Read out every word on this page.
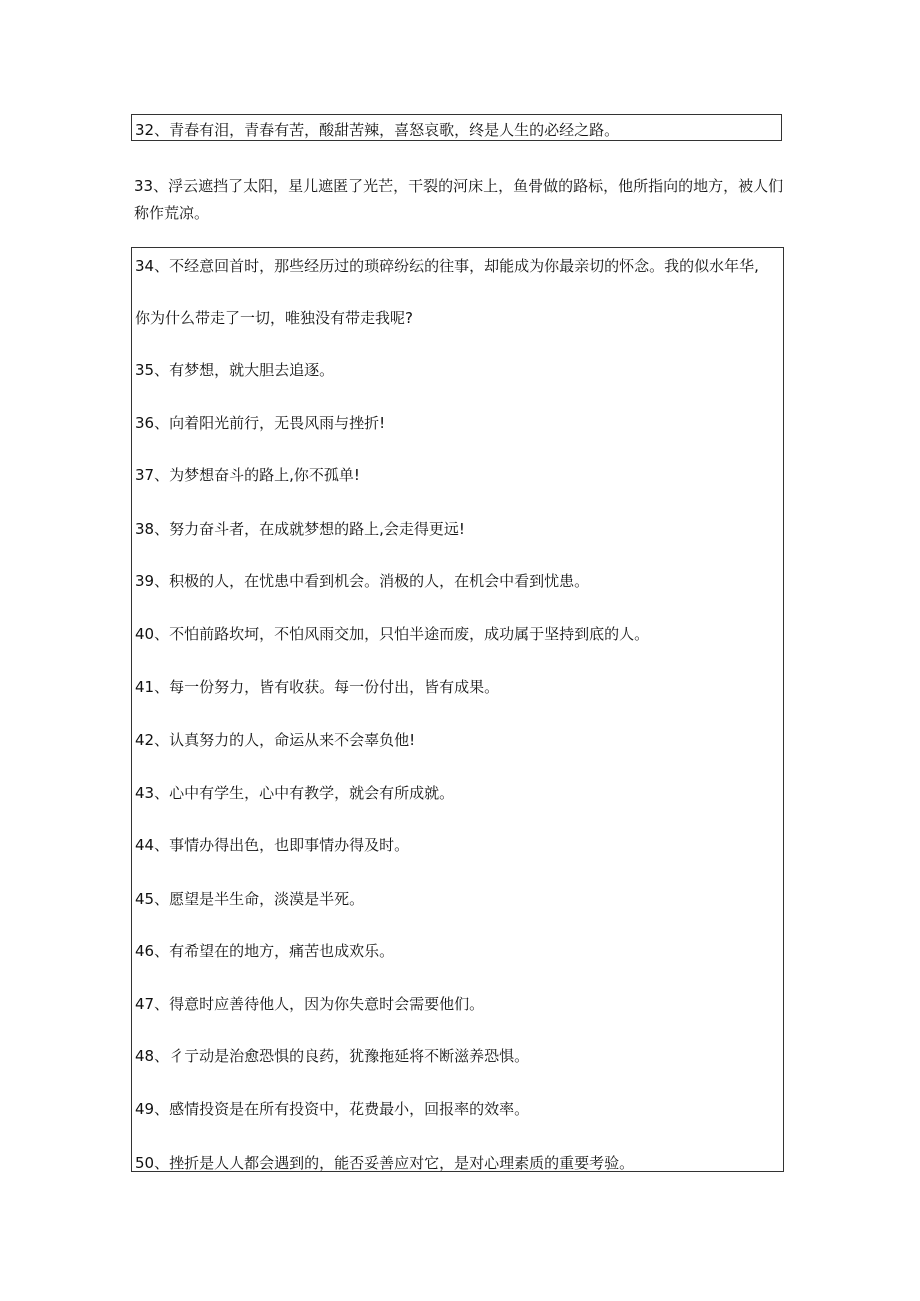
32、青春有泪，青春有苦，酸甜苦辣，喜怒哀歌，终是人生的必经之路。
33、浮云遮挡了太阳，星儿遮匿了光芒，干裂的河床上，鱼骨做的路标，他所指向的地方，被人们称作荒凉。
34、不经意回首时，那些经历过的琐碎纷纭的往事，却能成为你最亲切的怀念。我的似水年华,
你为什么带走了一切，唯独没有带走我呢?
35、有梦想，就大胆去追逐。
36、向着阳光前行，无畏风雨与挫折!
37、为梦想奋斗的路上,你不孤单!
38、努力奋斗者，在成就梦想的路上,会走得更远!
39、积极的人，在忧患中看到机会。消极的人，在机会中看到忧患。
40、不怕前路坎坷，不怕风雨交加，只怕半途而废，成功属于坚持到底的人。
41、每一份努力，皆有收获。每一份付出，皆有成果。
42、认真努力的人，命运从来不会辜负他!
43、心中有学生，心中有教学，就会有所成就。
44、事情办得出色，也即事情办得及时。
45、愿望是半生命，淡漠是半死。
46、有希望在的地方，痛苦也成欢乐。
47、得意时应善待他人，因为你失意时会需要他们。
48、彳亍动是治愈恐惧的良药，犹豫拖延将不断滋养恐惧。
49、感情投资是在所有投资中，花费最小，回报率的效率。
50、挫折是人人都会遇到的，能否妥善应对它，是对心理素质的重要考验。
